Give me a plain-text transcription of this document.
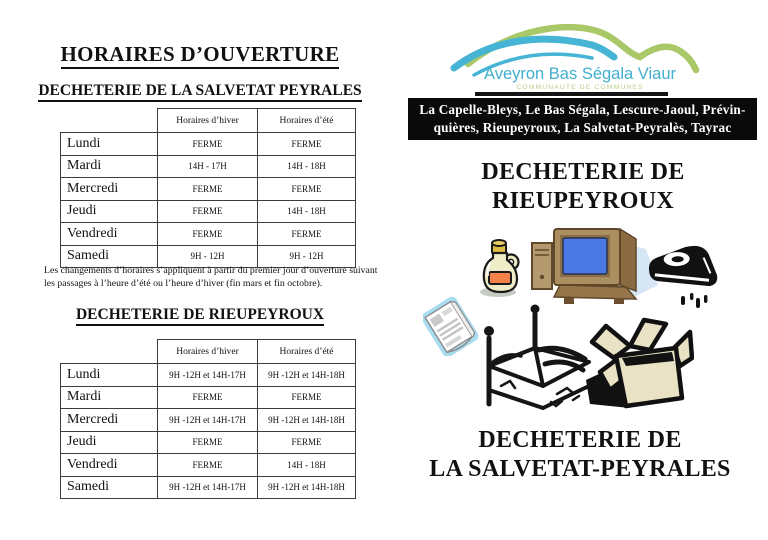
HORAIRES D’OUVERTURE
DECHETERIE DE LA SALVETAT PEYRALES
	Horaires d’hiver	Horaires d’été
Lundi	FERME	FERME
Mardi	14H - 17H	14H - 18H
Mercredi	FERME	FERME
Jeudi	FERME	14H - 18H
Vendredi	FERME	FERME
Samedi	9H - 12H	9H - 12H
Les changements d’horaires s’appliquent à partir du premier jour d’ouverture suivant les passages à l’heure d’été ou l’heure d’hiver (fin mars et fin octobre).
DECHETERIE DE RIEUPEYROUX
	Horaires d’hiver	Horaires d’été
Lundi	9H -12H et 14H-17H	9H -12H et 14H-18H
Mardi	FERME	FERME
Mercredi	9H -12H et 14H-17H	9H -12H et 14H-18H
Jeudi	FERME	FERME
Vendredi	FERME	14H - 18H
Samedi	9H -12H et 14H-17H	9H -12H et 14H-18H
Aveyron Bas Ségala Viaur
COMMUNAUTE DE COMMUNES
La Capelle-Bleys, Le Bas Ségala, Lescure-Jaoul, Prévin-
quières, Rieupeyroux, La Salvetat-Peyralès, Tayrac
DECHETERIE DE
RIEUPEYROUX
DECHETERIE DE
LA SALVETAT-PEYRALES
